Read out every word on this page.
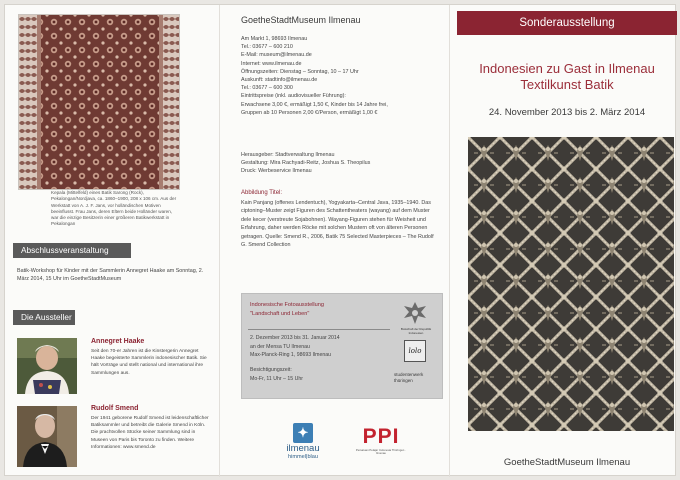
Kepala (Mittelfeld) eines Batik Sarong (Rock), Pekalongan/Nordjava, ca. 1860–1900, 208 x 106 cm. Aus der Werkstatt von A. J. F. Jans, vor holländischen Motiven beeinflusst. Frau Jans, deren Eltern beide Holländer waren, war die einzige Besitzerin einer größeren Batikwerkstatt in Pekalongan
Abschlussveranstaltung
Batik-Workshop für Kinder mit der Sammlerin Annegret Haake am Sonntag, 2. März 2014, 15 Uhr im GoetheStadtMuseum
Die Aussteller
Annegret Haake
Seit den 70-er Jahren ist die Kinstergerin Annegret Haake begeisterte Sammlerin indonesischer Batik. Sie hält Vorträge und stellt national und international ihre Sammlungen aus.
Rudolf Smend
Der 1941 geborene Rudolf Smend ist leidenschaftlicher Batiksammler und betreibt die Galerie Smend in Köln. Die prachtvollen Stücke seiner Sammlung sind in Museen von Paris bis Toronto zu finden. Weitere Informationen: www.smend.de
GoetheStadtMuseum Ilmenau
Am Markt 1, 98693 Ilmenau
Tel.: 03677 – 600 210
E-Mail: museum@ilmenau.de
Internet: www.ilmenau.de
Öffnungszeiten: Dienstag – Sonntag, 10 – 17 Uhr
Auskunft: stadtinfo@ilmenau.de
Tel.: 03677 – 600 300
Eintrittspreise (inkl. audiovisueller Führung):
Erwachsene 3,00 €, ermäßigt 1,50 €, Kinder bis 14 Jahre frei,
Gruppen ab 10 Personen 2,00 €/Person, ermäßigt 1,00 €
Herausgeber: Stadtverwaltung Ilmenau
Gestaltung: Mira Rachyadi-Reitz, Joshua S. Theopilus
Druck: Werbeservice Ilmenau
Abbildung Titel:
Kain Panjang (offenes Lendentuch), Yogyakarta–Central Java, 1935–1940. Das ciptoning–Muster zeigt Figuren des Schattentheaters (wayang) auf dem Muster dele kecer (verstreute Sojabohnen). Wayang-Figuren stehen für Weisheit und Erfahrung, daher werden Röcke mit solchen Mustern oft von älteren Personen getragen. Quelle: Smend R., 2006, Batik 75 Selected Masterpieces – The Rudolf G. Smend Collection
Indonesische Fotoausstellung
"Landschaft und Leben"
2. Dezember 2013 bis 31. Januar 2014
an der Mensa TU Ilmenau
Max-Planck-Ring 1, 98693 Ilmenau
Besichtigungszeit:
Mo-Fr, 11 Uhr – 15 Uhr
Botschaft der Republik Indonesien
lolo
studentenwerk
thüringen
✦
ilmenau
himmel|blau
PPI
Persatuan Pelajar Indonesia Thüringen · Ilmenau
Sonderausstellung
Indonesien zu Gast in Ilmenau
Textilkunst Batik
24. November 2013 bis 2. März 2014
GoetheStadtMuseum Ilmenau
